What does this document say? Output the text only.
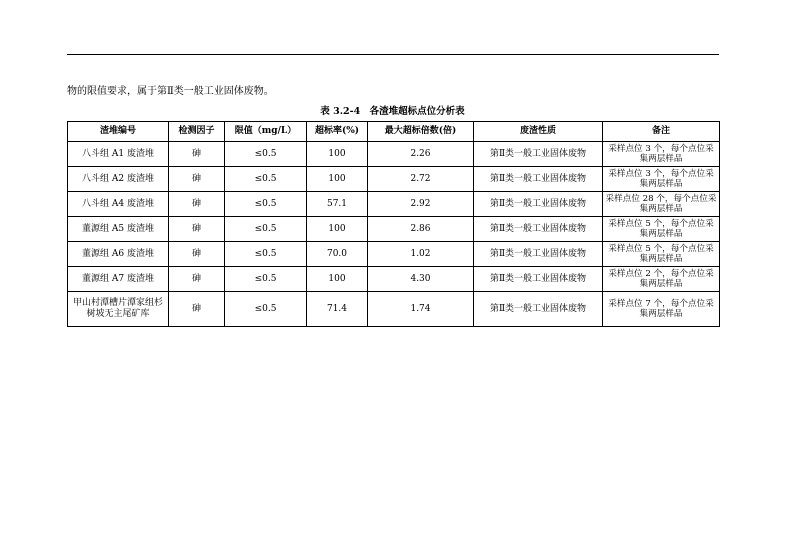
物的限值要求，属于第Ⅱ类一般工业固体废物。
表 3.2-4　各渣堆超标点位分析表
渣堆编号	检测因子	限值（mg/L）	超标率(%)	最大超标倍数(倍)	废渣性质	备注
八斗组 A1 废渣堆	砷	≤0.5	100	2.26	第Ⅱ类一般工业固体废物	采样点位 3 个，每个点位采集两层样品
八斗组 A2 废渣堆	砷	≤0.5	100	2.72	第Ⅱ类一般工业固体废物	采样点位 3 个，每个点位采集两层样品
八斗组 A4 废渣堆	砷	≤0.5	57.1	2.92	第Ⅱ类一般工业固体废物	采样点位 28 个，每个点位采集两层样品
董源组 A5 废渣堆	砷	≤0.5	100	2.86	第Ⅱ类一般工业固体废物	采样点位 5 个，每个点位采集两层样品
董源组 A6 废渣堆	砷	≤0.5	70.0	1.02	第Ⅱ类一般工业固体废物	采样点位 5 个，每个点位采集两层样品
董源组 A7 废渣堆	砷	≤0.5	100	4.30	第Ⅱ类一般工业固体废物	采样点位 2 个，每个点位采集两层样品
甲山村潭槽片潭家组杉树坡无主尾矿库	砷	≤0.5	71.4	1.74	第Ⅱ类一般工业固体废物	采样点位 7 个，每个点位采集两层样品
